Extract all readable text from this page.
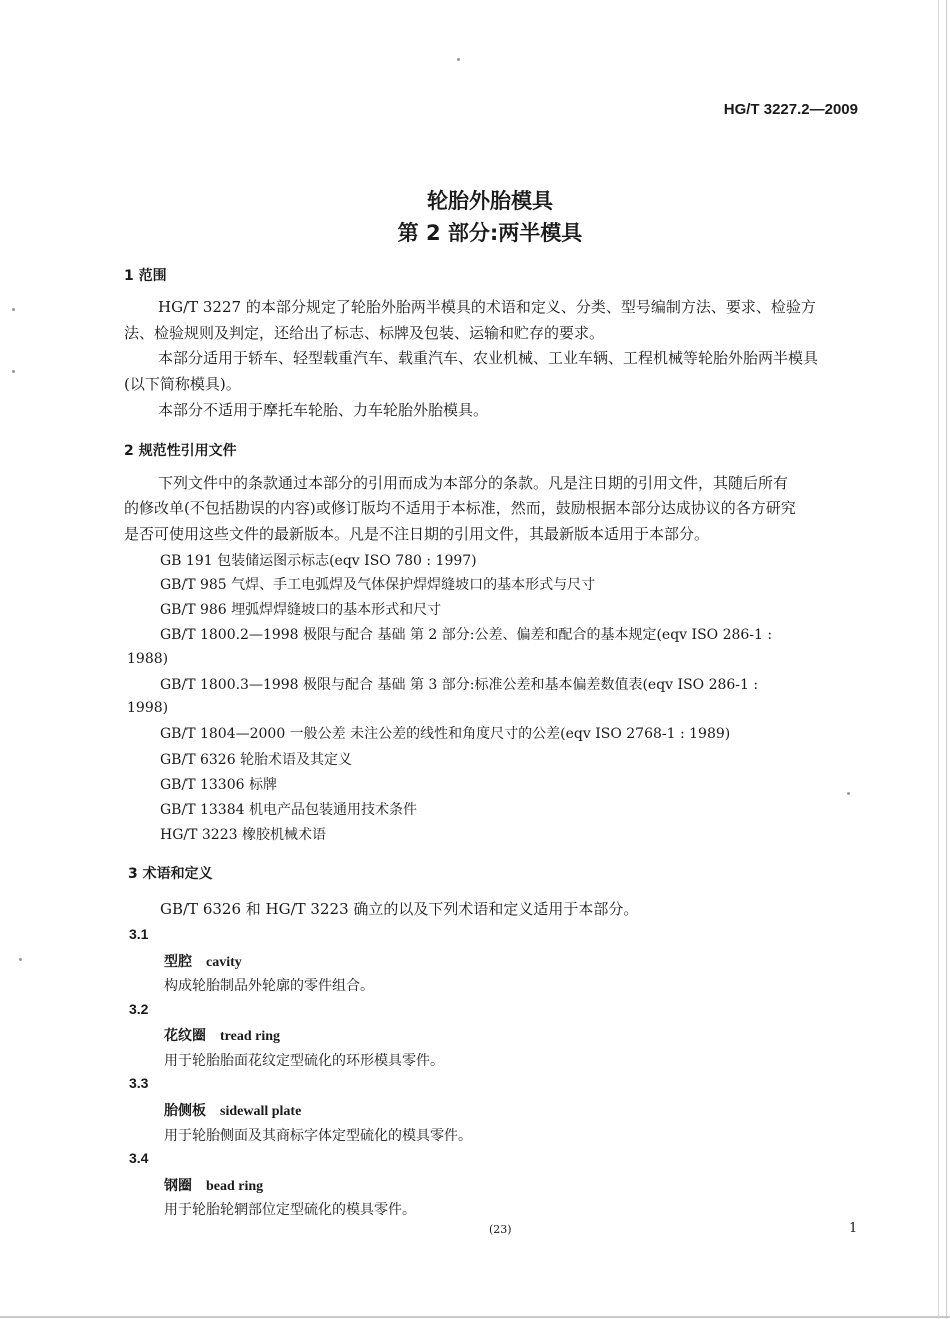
HG/T 3227.2—2009
轮胎外胎模具
第 2 部分:两半模具
1 范围
HG/T 3227 的本部分规定了轮胎外胎两半模具的术语和定义、分类、型号编制方法、要求、检验方
法、检验规则及判定，还给出了标志、标牌及包装、运输和贮存的要求。
本部分适用于轿车、轻型载重汽车、载重汽车、农业机械、工业车辆、工程机械等轮胎外胎两半模具
(以下简称模具)。
本部分不适用于摩托车轮胎、力车轮胎外胎模具。
2 规范性引用文件
下列文件中的条款通过本部分的引用而成为本部分的条款。凡是注日期的引用文件，其随后所有
的修改单(不包括勘误的内容)或修订版均不适用于本标准，然而，鼓励根据本部分达成协议的各方研究
是否可使用这些文件的最新版本。凡是不注日期的引用文件，其最新版本适用于本部分。
GB 191 包装储运图示标志(eqv ISO 780 : 1997)
GB/T 985 气焊、手工电弧焊及气体保护焊焊缝坡口的基本形式与尺寸
GB/T 986 埋弧焊焊缝坡口的基本形式和尺寸
GB/T 1800.2—1998 极限与配合 基础 第 2 部分:公差、偏差和配合的基本规定(eqv ISO 286-1 :
1988)
GB/T 1800.3—1998 极限与配合 基础 第 3 部分:标准公差和基本偏差数值表(eqv ISO 286-1 :
1998)
GB/T 1804—2000 一般公差 未注公差的线性和角度尺寸的公差(eqv ISO 2768-1 : 1989)
GB/T 6326 轮胎术语及其定义
GB/T 13306 标牌
GB/T 13384 机电产品包装通用技术条件
HG/T 3223 橡胶机械术语
3 术语和定义
GB/T 6326 和 HG/T 3223 确立的以及下列术语和定义适用于本部分。
3.1
型腔 cavity
构成轮胎制品外轮廓的零件组合。
3.2
花纹圈 tread ring
用于轮胎胎面花纹定型硫化的环形模具零件。
3.3
胎侧板 sidewall plate
用于轮胎侧面及其商标字体定型硫化的模具零件。
3.4
钢圈 bead ring
用于轮胎轮辋部位定型硫化的模具零件。
(23)	1
